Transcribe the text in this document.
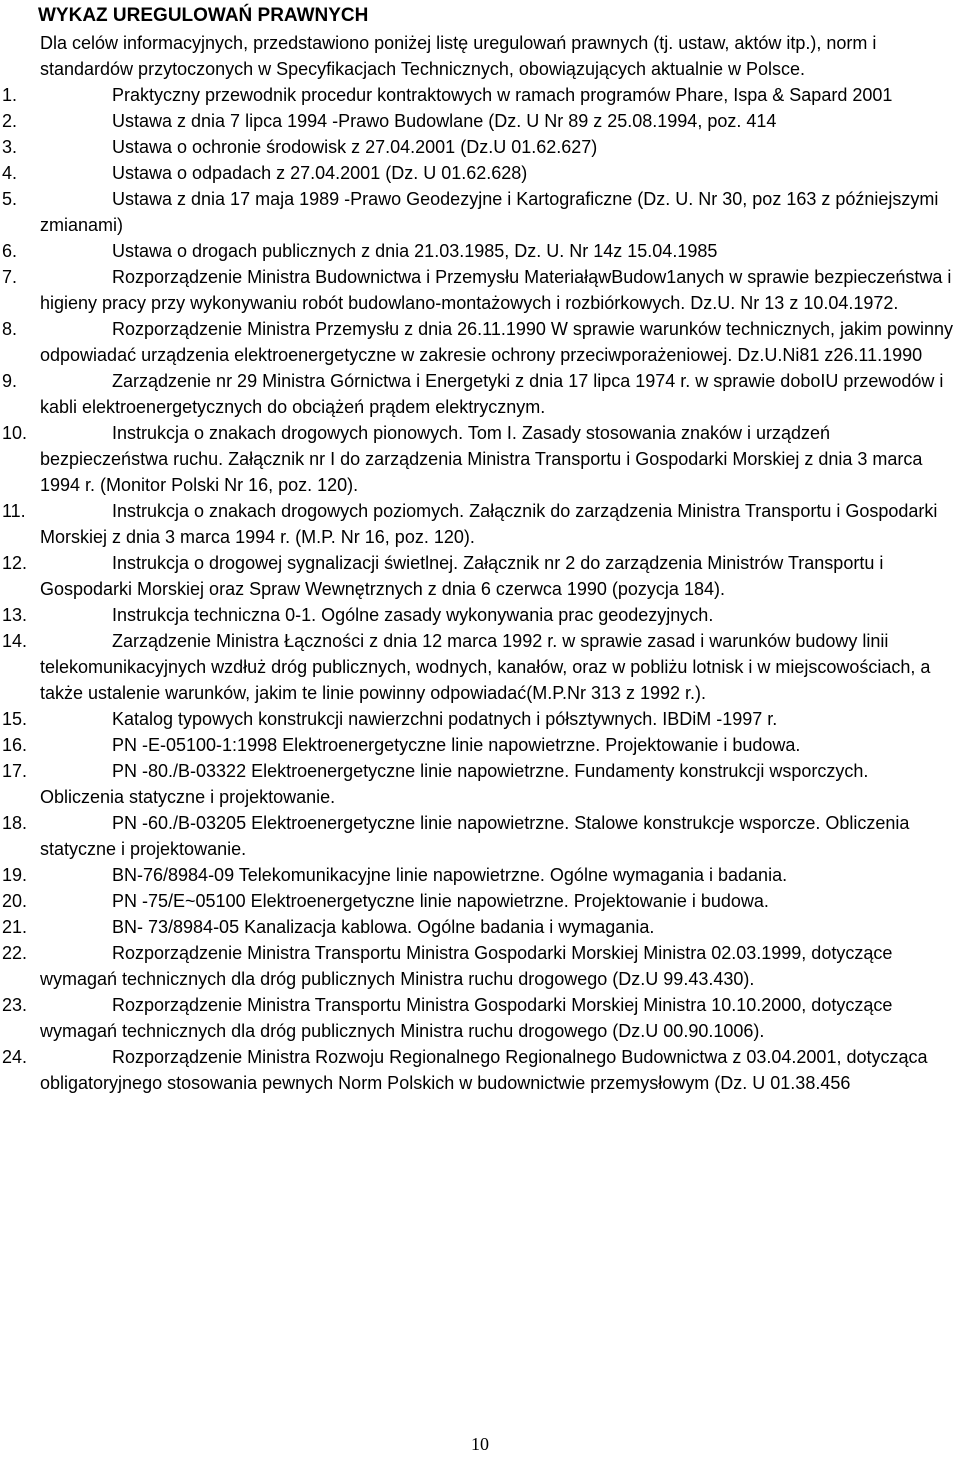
WYKAZ UREGULOWAŃ PRAWNYCH

Dla celów informacyjnych, przedstawiono poniżej listę uregulowań prawnych (tj. ustaw, aktów itp.), norm i standardów przytoczonych w Specyfikacjach Technicznych, obowiązujących aktualnie w Polsce.

1.	Praktyczny przewodnik procedur kontraktowych w ramach programów Phare, Ispa & Sapard 2001
2.	Ustawa z dnia 7 lipca 1994 -Prawo Budowlane (Dz. U Nr 89 z 25.08.1994, poz. 414
3.	Ustawa o ochronie środowisk z 27.04.2001 (Dz.U 01.62.627)
4.	Ustawa o odpadach z 27.04.2001 (Dz. U 01.62.628)
5.	Ustawa z dnia 17 maja 1989 -Prawo Geodezyjne i Kartograficzne (Dz. U. Nr 30, poz 163 z późniejszymi zmianami)
6.	Ustawa o drogach publicznych z dnia 21.03.1985, Dz. U. Nr 14z 15.04.1985
7.	Rozporządzenie Ministra Budownictwa i Przemysłu MateriałąwBudow1anych w sprawie bezpieczeństwa i higieny pracy przy wykonywaniu robót budowlano-montażowych i rozbiórkowych. Dz.U. Nr 13 z 10.04.1972.
8.	Rozporządzenie Ministra Przemysłu z dnia 26.11.1990 W sprawie warunków technicznych, jakim powinny odpowiadać urządzenia elektroenergetyczne w zakresie ochrony przeciwporażeniowej. Dz.U.Ni81 z26.11.1990
9.	Zarządzenie nr 29 Ministra Górnictwa i Energetyki z dnia 17 lipca 1974 r. w sprawie doboIU przewodów i kabli elektroenergetycznych do obciążeń prądem elektrycznym.
10.	Instrukcja o znakach drogowych pionowych. Tom I. Zasady stosowania znaków i urządzeń bezpieczeństwa ruchu. Załącznik nr I do zarządzenia Ministra Transportu i Gospodarki Morskiej z dnia 3 marca 1994 r. (Monitor Polski Nr 16, poz. 120).
11.	Instrukcja o znakach drogowych poziomych. Załącznik do zarządzenia Ministra Transportu i Gospodarki Morskiej z dnia 3 marca 1994 r. (M.P. Nr 16, poz. 120).
12.	Instrukcja o drogowej sygnalizacji świetlnej. Załącznik nr 2 do zarządzenia Ministrów Transportu i Gospodarki Morskiej oraz Spraw Wewnętrznych z dnia 6 czerwca 1990 (pozycja 184).
13.	Instrukcja techniczna 0-1. Ogólne zasady wykonywania prac geodezyjnych.
14.	Zarządzenie Ministra Łączności z dnia 12 marca 1992 r. w sprawie zasad i warunków budowy linii telekomunikacyjnych wzdłuż dróg publicznych, wodnych, kanałów, oraz w pobliżu lotnisk i w miejscowościach, a także ustalenie warunków, jakim te linie powinny odpowiadać(M.P.Nr 313 z 1992 r.).
15.	Katalog typowych konstrukcji nawierzchni podatnych i półsztywnych. IBDiM -1997 r.
16.	PN -E-05100-1:1998 Elektroenergetyczne linie napowietrzne. Projektowanie i budowa.
17.	PN -80./B-03322 Elektroenergetyczne linie napowietrzne. Fundamenty konstrukcji wsporczych. Obliczenia statyczne i projektowanie.
18.	PN -60./B-03205 Elektroenergetyczne linie napowietrzne. Stalowe konstrukcje wsporcze. Obliczenia statyczne i projektowanie.
19.	BN-76/8984-09 Telekomunikacyjne linie napowietrzne. Ogólne wymagania i badania.
20.	PN -75/E~05100 Elektroenergetyczne linie napowietrzne. Projektowanie i budowa.
21.	BN- 73/8984-05 Kanalizacja kablowa. Ogólne badania i wymagania.
22.	Rozporządzenie Ministra Transportu Ministra Gospodarki Morskiej Ministra 02.03.1999, dotyczące wymagań technicznych dla dróg publicznych Ministra ruchu drogowego (Dz.U 99.43.430).
23.	Rozporządzenie Ministra Transportu Ministra Gospodarki Morskiej Ministra 10.10.2000, dotyczące wymagań technicznych dla dróg publicznych Ministra ruchu drogowego (Dz.U 00.90.1006).
24.	Rozporządzenie Ministra Rozwoju Regionalnego Regionalnego Budownictwa z 03.04.2001, dotycząca obligatoryjnego stosowania pewnych Norm Polskich w budownictwie przemysłowym (Dz. U 01.38.456
10
